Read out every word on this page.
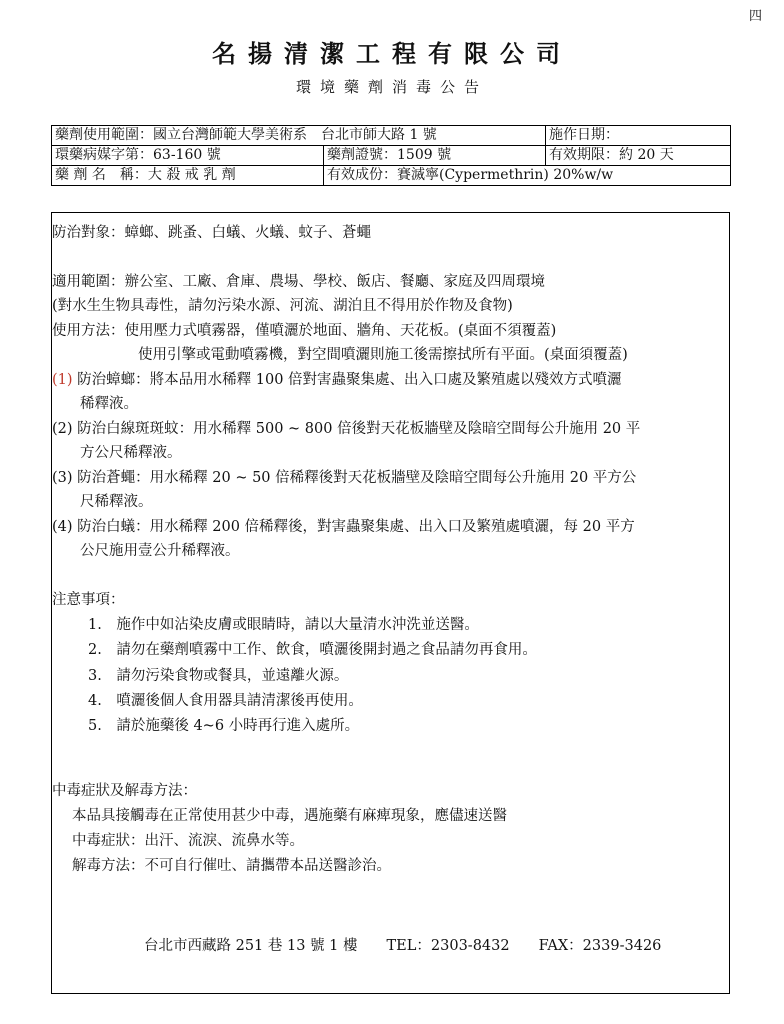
四
名揚清潔工程有限公司
環境藥劑消毒公告
藥劑使用範圍：國立台灣師範大學美術系　台北市師大路 1 號		施作日期：
環藥病媒字第：63-160 號	藥劑證號：1509 號	有效期限：約 20 天
藥 劑 名　稱：大 殺 戒 乳 劑	有效成份：賽滅寧(Cypermethrin) 20%w/w	
防治對象：蟑螂、跳蚤、白蟻、火蟻、蚊子、蒼蠅
適用範圍：辦公室、工廠、倉庫、農場、學校、飯店、餐廳、家庭及四周環境
(對水生生物具毒性，請勿污染水源、河流、湖泊且不得用於作物及食物)
使用方法：使用壓力式噴霧器，僅噴灑於地面、牆角、天花板。(桌面不須覆蓋)
使用引擎或電動噴霧機，對空間噴灑則施工後需擦拭所有平面。(桌面須覆蓋)
(1) 防治蟑螂：將本品用水稀釋 100 倍對害蟲聚集處、出入口處及繁殖處以殘效方式噴灑
稀釋液。
(2) 防治白線斑斑蚊：用水稀釋 500 ~ 800 倍後對天花板牆壁及陰暗空間每公升施用 20 平
方公尺稀釋液。
(3) 防治蒼蠅：用水稀釋 20 ~ 50 倍稀釋後對天花板牆壁及陰暗空間每公升施用 20 平方公
尺稀釋液。
(4) 防治白蟻：用水稀釋 200 倍稀釋後，對害蟲聚集處、出入口及繁殖處噴灑，每 20 平方
公尺施用壹公升稀釋液。
注意事項：
1.　施作中如沾染皮膚或眼睛時，請以大量清水沖洗並送醫。
2.　請勿在藥劑噴霧中工作、飲食，噴灑後開封過之食品請勿再食用。
3.　請勿污染食物或餐具，並遠離火源。
4.　噴灑後個人食用器具請清潔後再使用。
5.　請於施藥後 4~6 小時再行進入處所。
中毒症狀及解毒方法：
本品具接觸毒在正常使用甚少中毒，遇施藥有麻痺現象，應儘速送醫
中毒症狀：出汗、流淚、流鼻水等。
解毒方法：不可自行催吐、請攜帶本品送醫診治。
台北市西藏路 251 巷 13 號 1 樓　　TEL：2303-8432　　FAX：2339-3426
